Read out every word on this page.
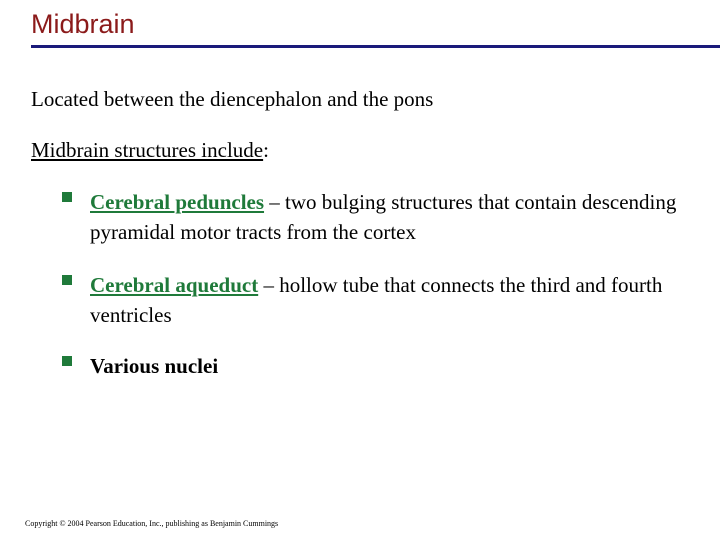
Midbrain
Located between the diencephalon and the pons
Midbrain structures include:
Cerebral peduncles – two bulging structures that contain descending pyramidal motor tracts from the cortex
Cerebral aqueduct – hollow tube that connects the third and fourth ventricles
Various nuclei
Copyright © 2004 Pearson Education, Inc., publishing as Benjamin Cummings
